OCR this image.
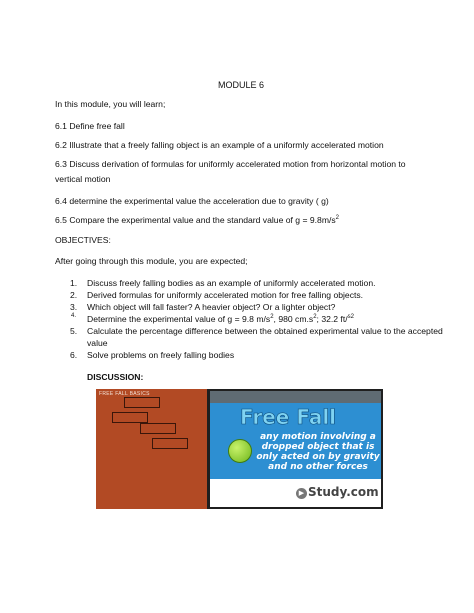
MODULE 6
In this module, you will learn;
6.1 Define free fall
6.2 Illustrate that a freely falling object is an example of a uniformly accelerated motion
6.3 Discuss derivation of formulas for uniformly accelerated motion from horizontal motion to vertical motion
6.4 determine the experimental value the acceleration due to gravity ( g)
6.5 Compare the experimental value and the standard value of $g = 9.8m/s^2$
OBJECTIVES:
After going through this module, you are expected;
1. Discuss freely falling bodies as an example of uniformly accelerated motion.
2. Derived formulas for uniformly accelerated motion for free falling objects.
3. Which object will fall faster? A heavier object? Or a lighter object?
4. Determine the experimental value of g = 9.8 $m/s^2$, 980 $cm.s^2$; 32.2 ft/$^{s2}$
5. Calculate the percentage difference between the obtained experimental value to the accepted value
6. Solve problems on freely falling bodies
DISCUSSION:
FREE FALL BASICS
Free Fall
any motion involving a dropped object that is only acted on by gravity and no other forces
▶ Study.com
